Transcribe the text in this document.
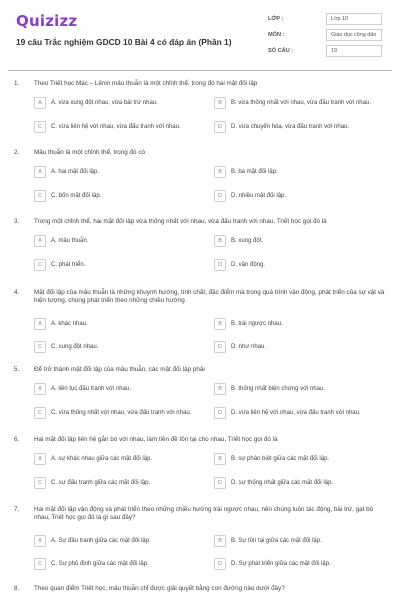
Quizizz
19 câu Trắc nghiệm GDCD 10 Bài 4 có đáp án (Phần 1)
LỚP :	Lớp 10
MÔN :	Giáo dục công dân
SỐ CÂU :	19
1. Theo Triết học Mác – Lênin mâu thuẫn là một chỉnh thể, trong đó hai mặt đối lập
A	A. vừa xung đột nhau, vừa bài trừ nhau.	B	B. vừa thống nhất với nhau, vừa đấu tranh với nhau.
C	C. vừa liên hệ với nhau, vừa đấu tranh với nhau.	D	D. vừa chuyển hóa, vừa đấu tranh với nhau.
2. Mâu thuẫn là một chỉnh thể, trong đó có
A	A. hai mặt đối lập.	B	B. ba mặt đối lập.
C	C. bốn mặt đối lập.	D	D. nhiều mặt đối lập.
3. Trong một chỉnh thể, hai mặt đối lập vừa thống nhất với nhau, vừa đấu tranh với nhau, Triết học gọi đó là
A	A. mâu thuẫn.	B	B. xung đột.
C	C. phát triển.	D	D. vận động.
4. Mặt đối lập của mâu thuẫn là những khuynh hướng, tính chất, đặc điểm mà trong quá trình vận động, phát triển của sự vật và hiện tượng, chúng phát triển theo những chiều hướng
A	A. khác nhau.	B	B. trái ngược nhau.
C	C. xung đột nhau.	D	D. như nhau.
5. Để trở thành mặt đối lập của mâu thuẫn, các mặt đối lập phải
A	A. liên tục đấu tranh với nhau.	B	B. thống nhất biện chứng với nhau.
C	C. vừa thống nhất với nhau, vừa đấu tranh với nhau.	D	D. vừa liên hệ với nhau, vừa đấu tranh với nhau.
6. Hai mặt đối lập liên hệ gắn bó với nhau, làm tiền đề tồn tại cho nhau, Triết học gọi đó là
A	A. sự khác nhau giữa các mặt đối lập.	B	B. sự phân biệt giữa các mặt đối lập.
C	C. sự đấu tranh giữa các mặt đối lập.	D	D. sự thống nhất giữa các mặt đối lập.
7. Hai mặt đối lập vận động và phát triển theo những chiều hướng trái ngược nhau, nên chúng luôn tác động, bài trừ, gạt bỏ nhau, Triết học gọi đó là gì sau đây?
A	A. Sự đấu tranh giữa các mặt đối lập.	B	B. Sự tồn tại giữa các mặt đối lập.
C	C. Sự phủ định giữa các mặt đối lập.	D	D. Sự phát triển giữa các mặt đối lập.
8. Theo quan điểm Triết học, mâu thuẫn chỉ được giải quyết bằng con đường nào dưới đây?
